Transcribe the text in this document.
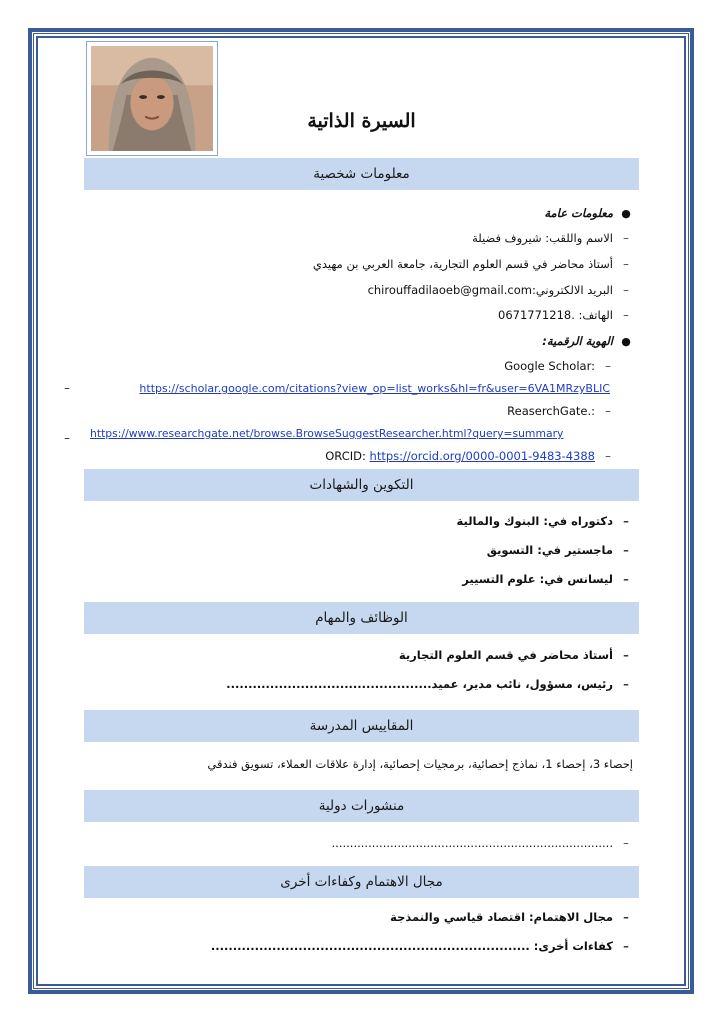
السيرة الذاتية
معلومات شخصية
●معلومات عامة
–الاسم واللقب: شيروف فضيلة
–أستاذ محاضر في قسم العلوم التجارية، جامعة العربي بن مهيدي
–البريد الالكتروني:chirouffadilaoeb@gmail.com
–الهاتف: 0671771218.
●الهوية الرقمية:
–Google Scholar:
–	https://scholar.google.com/citations?view_op=list_works&hl=fr&user=6VA1MRzyBLIC
–ReaserchGate.:
– https://www.researchgate.net/browse.BrowseSuggestResearcher.html?query=summary
–ORCID: https://orcid.org/0000-0001-9483-4388
التكوين والشهادات
–دكتوراه في: البنوك والمالية
–ماجستير في: التسويق
–ليسانس في: علوم التسيير
الوظائف والمهام
–أستاذ محاضر في قسم العلوم التجارية
–رئيس، مسؤول، نائب مدير، عميد...............................................
المقاييس المدرسة
إحصاء 3، إحصاء 1، نماذج إحصائية، برمجيات إحصائية، إدارة علاقات العملاء، تسويق فندقي
منشورات دولية
–.............................................................................
مجال الاهتمام وكفاءات أخرى
–مجال الاهتمام: اقتصاد قياسي والنمذجة
–كفاءات أخرى: .........................................................................
